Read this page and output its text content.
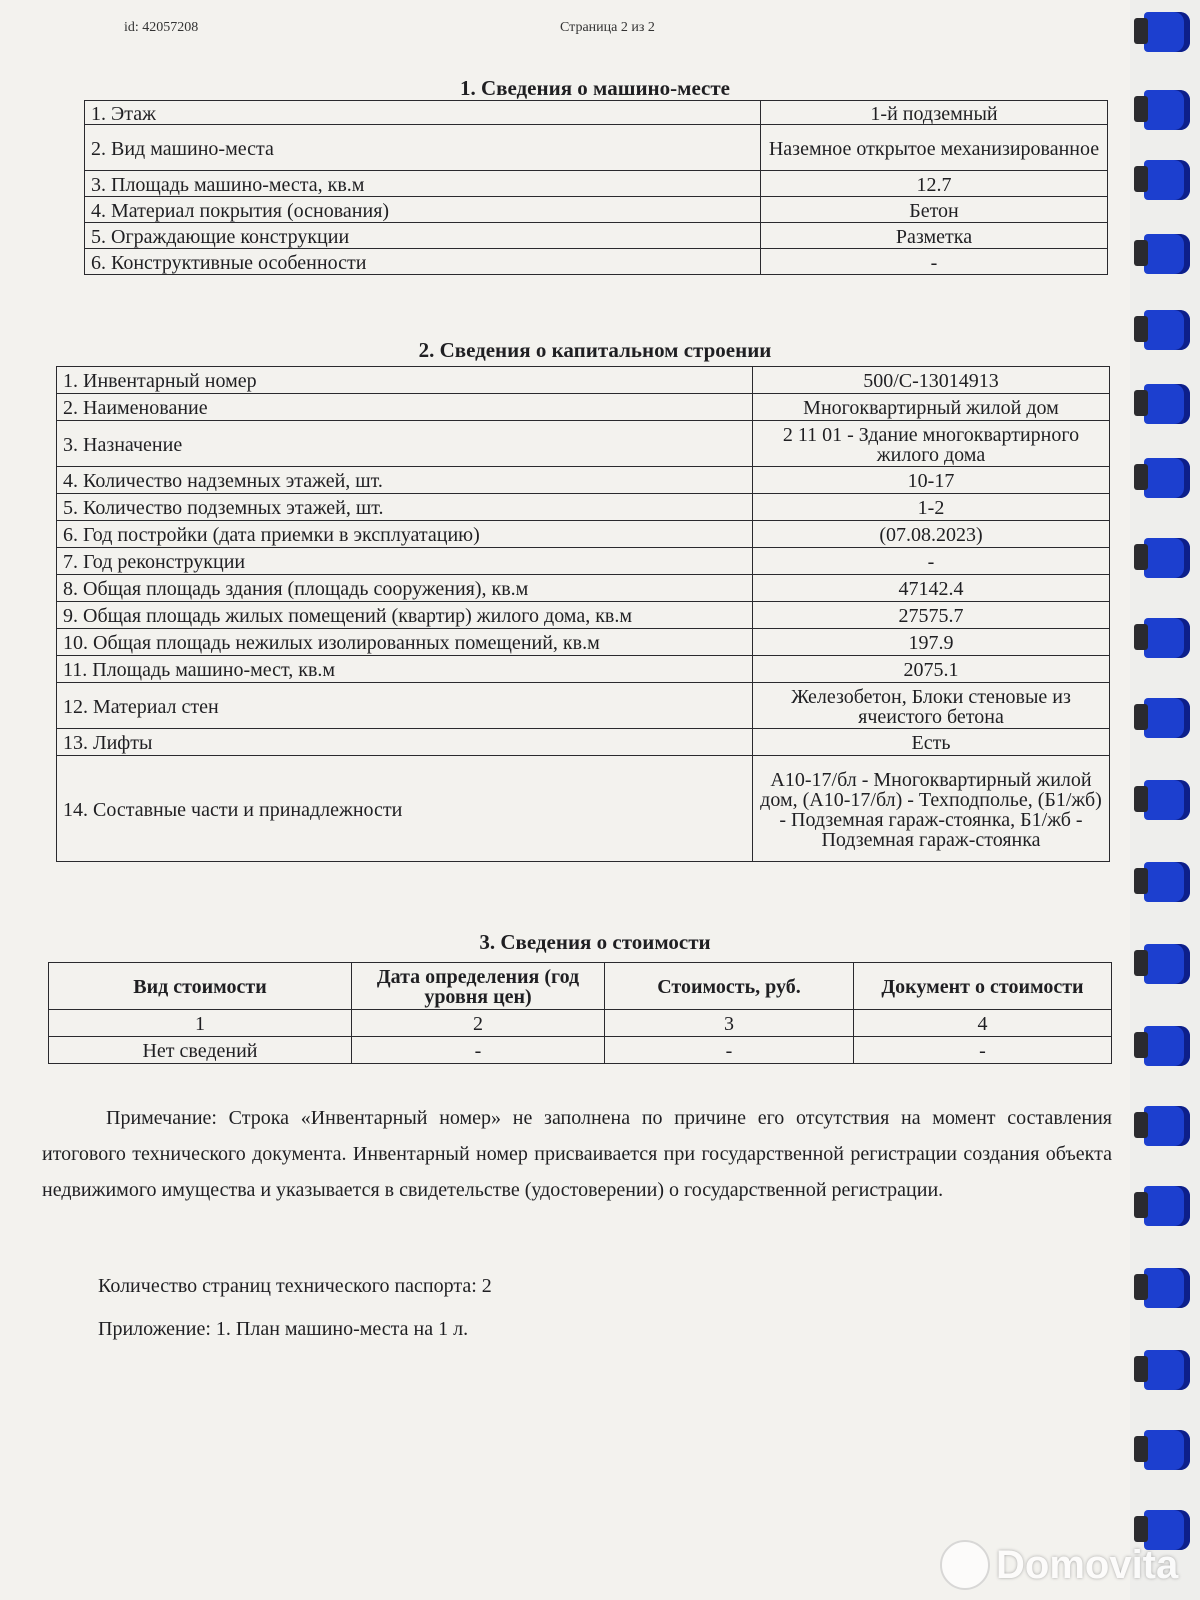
id: 42057208	Страница 2 из 2
1. Сведения о машино-месте
1. Этаж	1-й подземный
2. Вид машино-места	Наземное открытое механизированное
3. Площадь машино-места, кв.м	12.7
4. Материал покрытия (основания)	Бетон
5. Ограждающие конструкции	Разметка
6. Конструктивные особенности	-
2. Сведения о капитальном строении
1. Инвентарный номер	500/С-13014913
2. Наименование	Многоквартирный жилой дом
3. Назначение	2 11 01 - Здание многоквартирного жилого дома
4. Количество надземных этажей, шт.	10-17
5. Количество подземных этажей, шт.	1-2
6. Год постройки (дата приемки в эксплуатацию)	(07.08.2023)
7. Год реконструкции	-
8. Общая площадь здания (площадь сооружения), кв.м	47142.4
9. Общая площадь жилых помещений (квартир) жилого дома, кв.м	27575.7
10. Общая площадь нежилых изолированных помещений, кв.м	197.9
11. Площадь машино-мест, кв.м	2075.1
12. Материал стен	Железобетон, Блоки стеновые из ячеистого бетона
13. Лифты	Есть
14. Составные части и принадлежности	А10-17/бл - Многоквартирный жилой дом, (А10-17/бл) - Техподполье, (Б1/жб) - Подземная гараж-стоянка, Б1/жб - Подземная гараж-стоянка
3. Сведения о стоимости
Вид стоимости	Дата определения (год уровня цен)	Стоимость, руб.	Документ о стоимости
1	2	3	4
Нет сведений	-	-	-
Примечание: Строка «Инвентарный номер» не заполнена по причине его отсутствия на момент составления итогового технического документа. Инвентарный номер присваивается при государственной регистрации создания объекта недвижимого имущества и указывается в свидетельстве (удостоверении) о государственной регистрации.
Количество страниц технического паспорта: 2
Приложение: 1. План машино-места на 1 л.
Domovita
